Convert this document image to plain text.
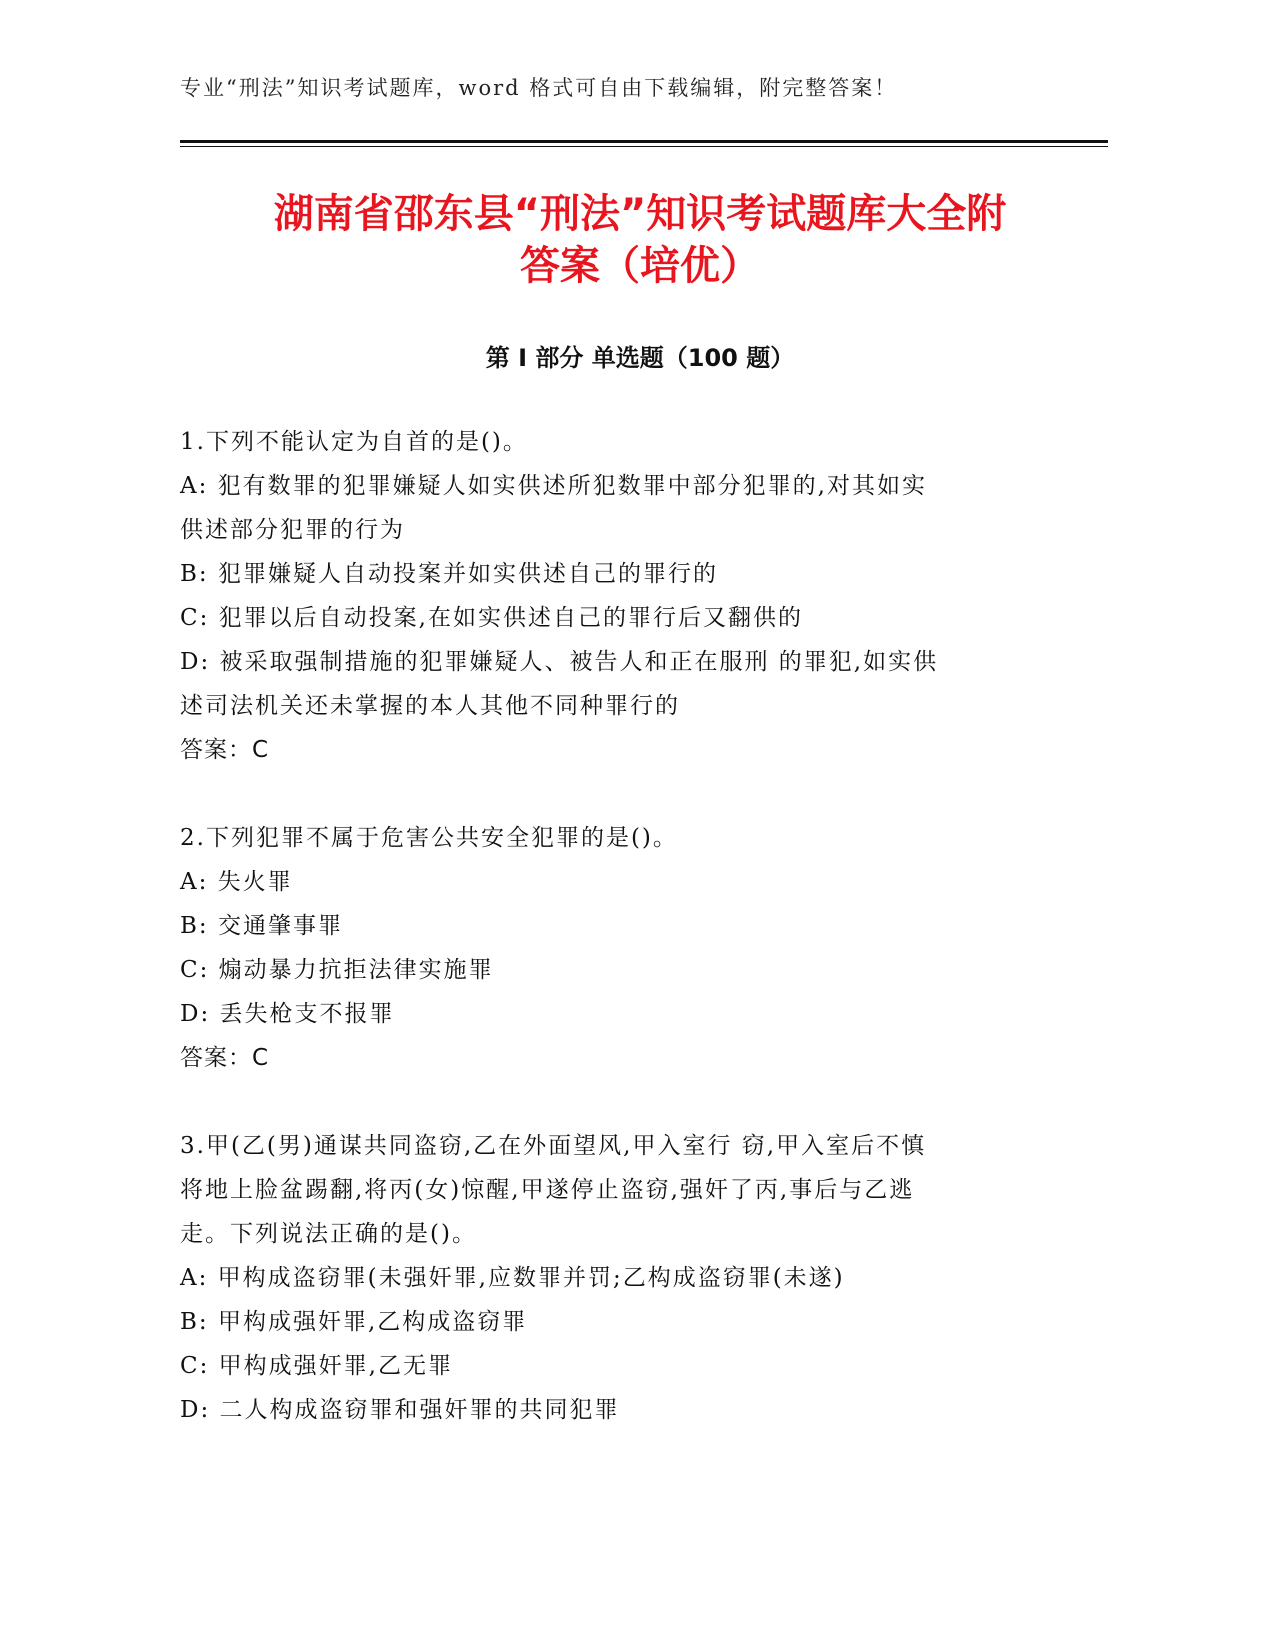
专业“刑法”知识考试题库，word 格式可自由下载编辑，附完整答案！
湖南省邵东县“刑法”知识考试题库大全附
答案（培优）
第 I 部分 单选题（100 题）
1.下列不能认定为自首的是()。
A: 犯有数罪的犯罪嫌疑人如实供述所犯数罪中部分犯罪的,对其如实
供述部分犯罪的行为
B: 犯罪嫌疑人自动投案并如实供述自己的罪行的
C: 犯罪以后自动投案,在如实供述自己的罪行后又翻供的
D: 被采取强制措施的犯罪嫌疑人、被告人和正在服刑 的罪犯,如实供
述司法机关还未掌握的本人其他不同种罪行的
答案：C
2.下列犯罪不属于危害公共安全犯罪的是()。
A: 失火罪
B: 交通肇事罪
C: 煽动暴力抗拒法律实施罪
D: 丢失枪支不报罪
答案：C
3.甲(乙(男)通谋共同盗窃,乙在外面望风,甲入室行 窃,甲入室后不慎
将地上脸盆踢翻,将丙(女)惊醒,甲遂停止盗窃,强奸了丙,事后与乙逃
走。下列说法正确的是()。
A: 甲构成盗窃罪(未强奸罪,应数罪并罚;乙构成盗窃罪(未遂)
B: 甲构成强奸罪,乙构成盗窃罪
C: 甲构成强奸罪,乙无罪
D: 二人构成盗窃罪和强奸罪的共同犯罪
